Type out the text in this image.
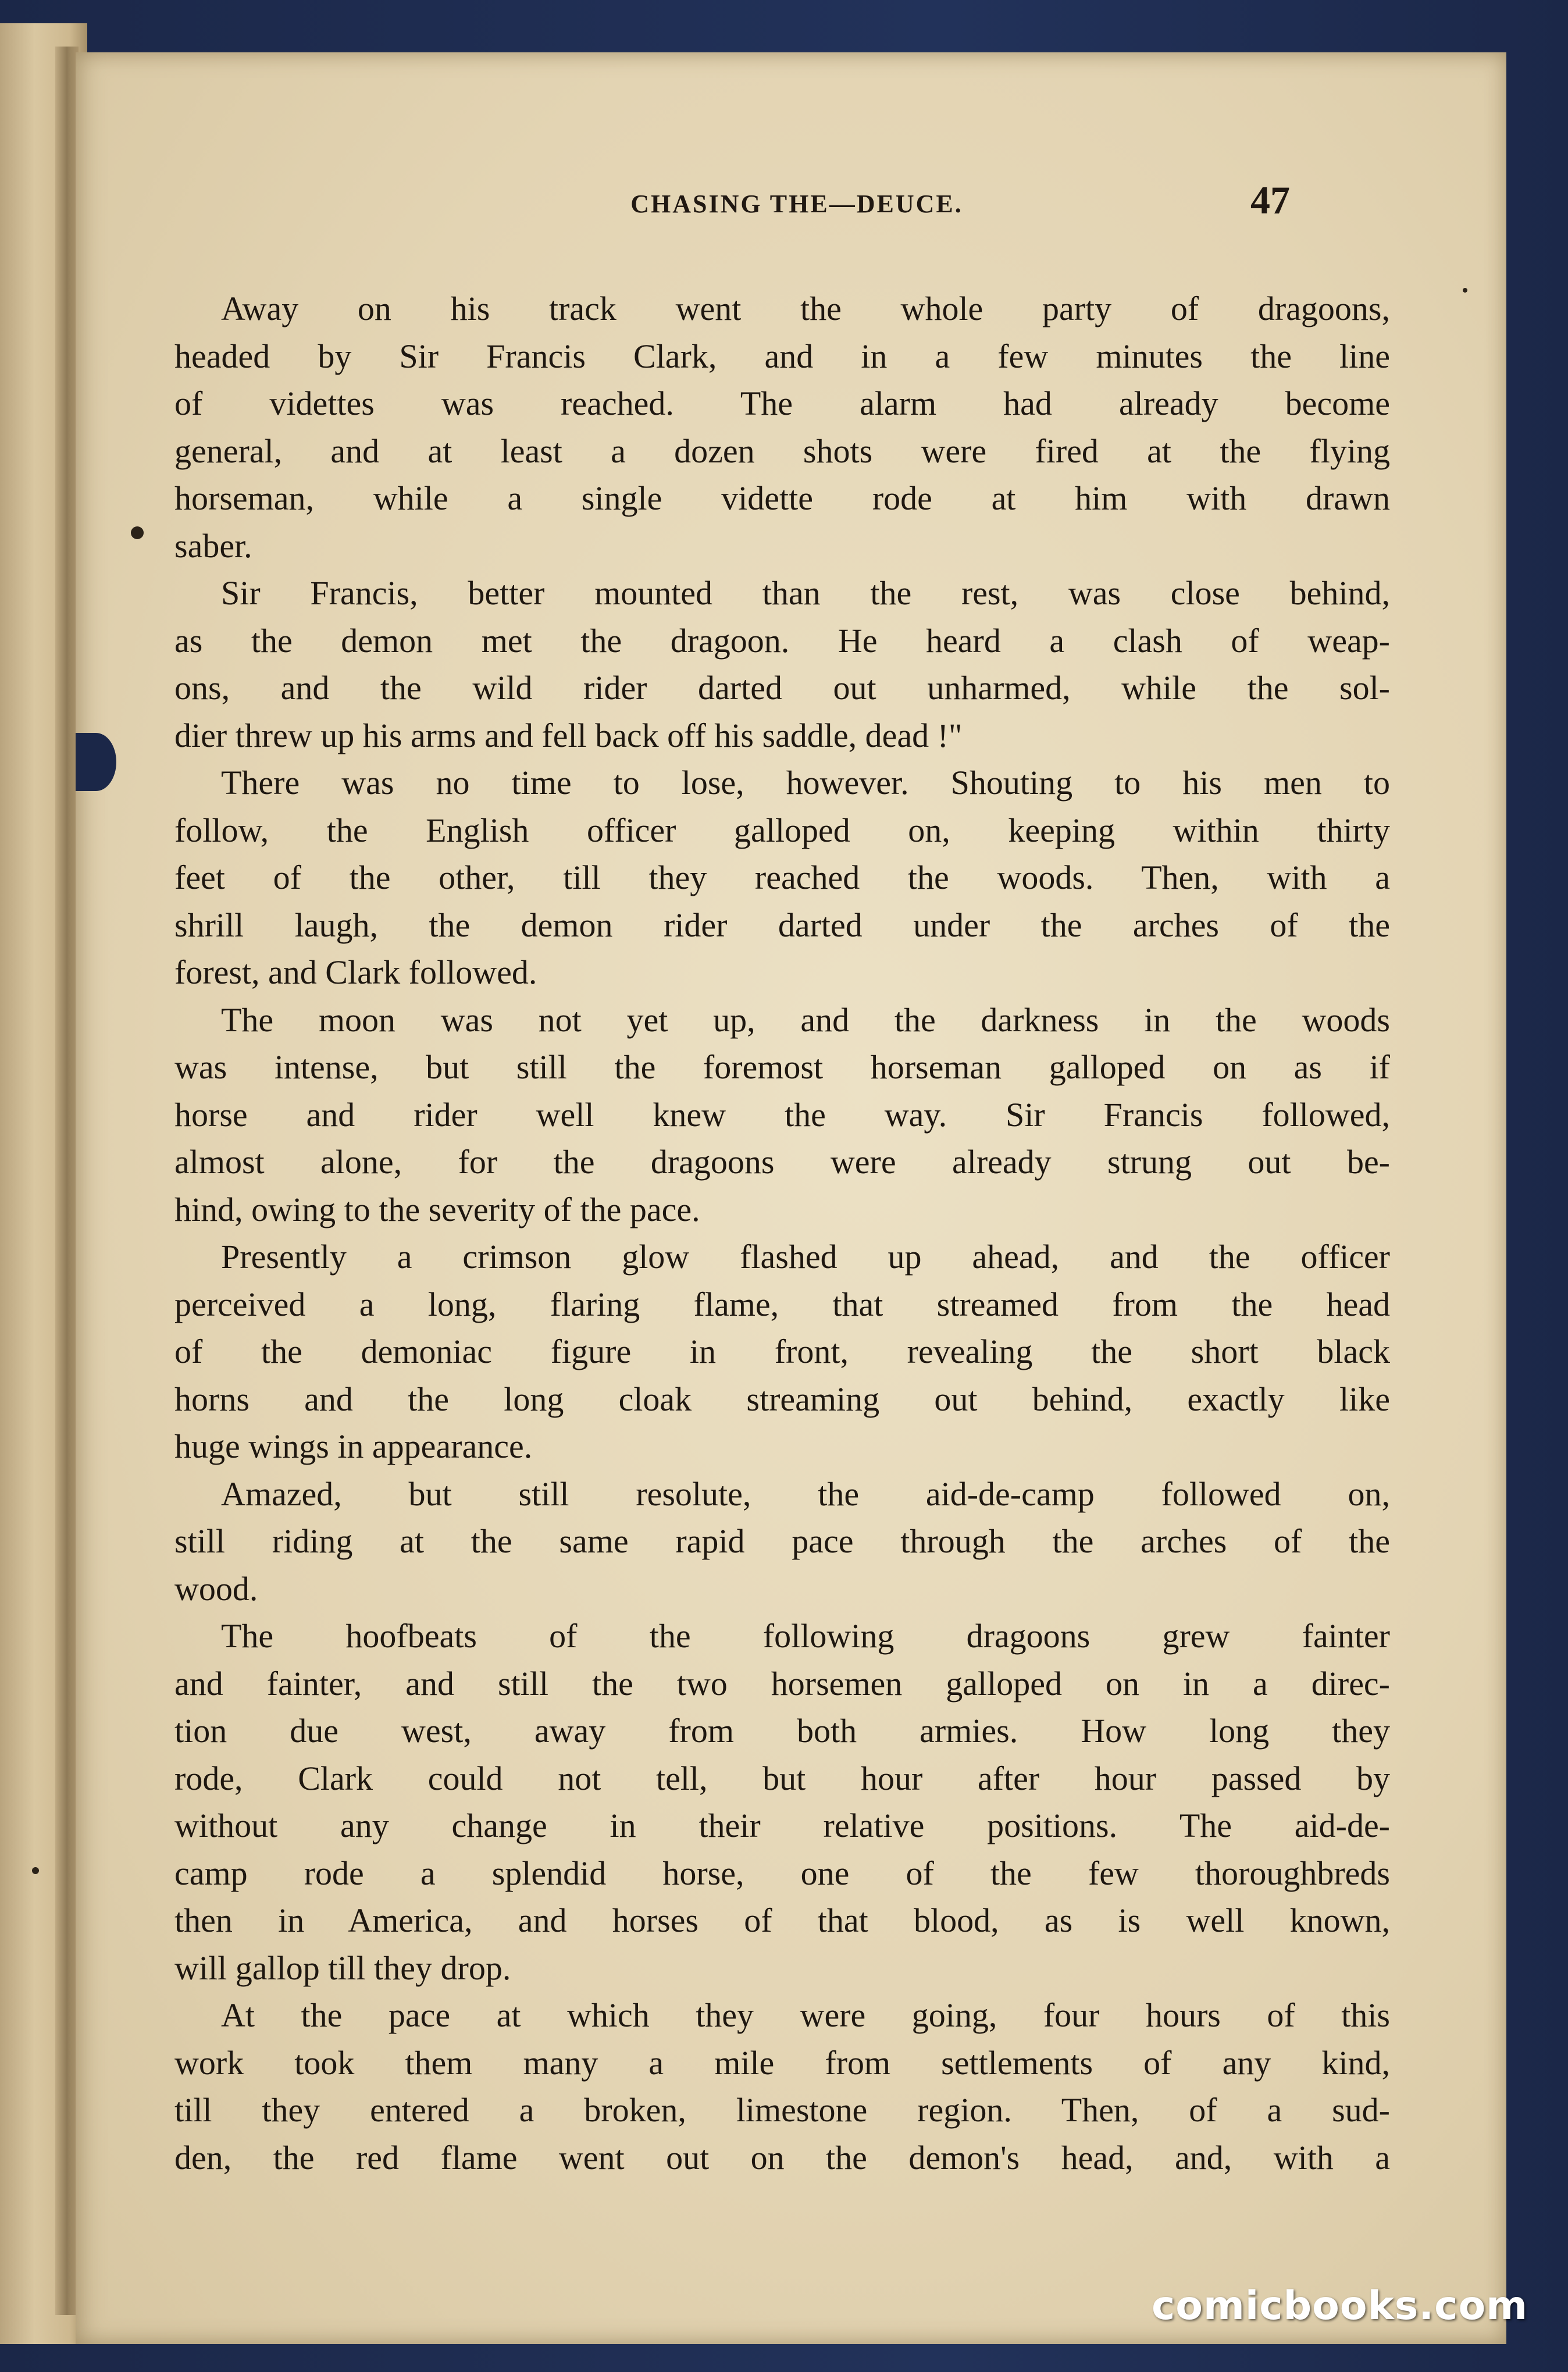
CHASING THE—DEUCE.	47
Away on his track went the whole party of dragoons,
headed by Sir Francis Clark, and in a few minutes the line
of videttes was reached. The alarm had already become
general, and at least a dozen shots were fired at the flying
horseman, while a single vidette rode at him with drawn
saber.
Sir Francis, better mounted than the rest, was close behind,
as the demon met the dragoon. He heard a clash of weap-
ons, and the wild rider darted out unharmed, while the sol-
dier threw up his arms and fell back off his saddle, dead !"
There was no time to lose, however. Shouting to his men to
follow, the English officer galloped on, keeping within thirty
feet of the other, till they reached the woods. Then, with a
shrill laugh, the demon rider darted under the arches of the
forest, and Clark followed.
The moon was not yet up, and the darkness in the woods
was intense, but still the foremost horseman galloped on as if
horse and rider well knew the way. Sir Francis followed,
almost alone, for the dragoons were already strung out be-
hind, owing to the severity of the pace.
Presently a crimson glow flashed up ahead, and the officer
perceived a long, flaring flame, that streamed from the head
of the demoniac figure in front, revealing the short black
horns and the long cloak streaming out behind, exactly like
huge wings in appearance.
Amazed, but still resolute, the aid-de-camp followed on,
still riding at the same rapid pace through the arches of the
wood.
The hoofbeats of the following dragoons grew fainter
and fainter, and still the two horsemen galloped on in a direc-
tion due west, away from both armies. How long they
rode, Clark could not tell, but hour after hour passed by
without any change in their relative positions. The aid-de-
camp rode a splendid horse, one of the few thoroughbreds
then in America, and horses of that blood, as is well known,
will gallop till they drop.
At the pace at which they were going, four hours of this
work took them many a mile from settlements of any kind,
till they entered a broken, limestone region. Then, of a sud-
den, the red flame went out on the demon's head, and, with a
comicbooks.com
